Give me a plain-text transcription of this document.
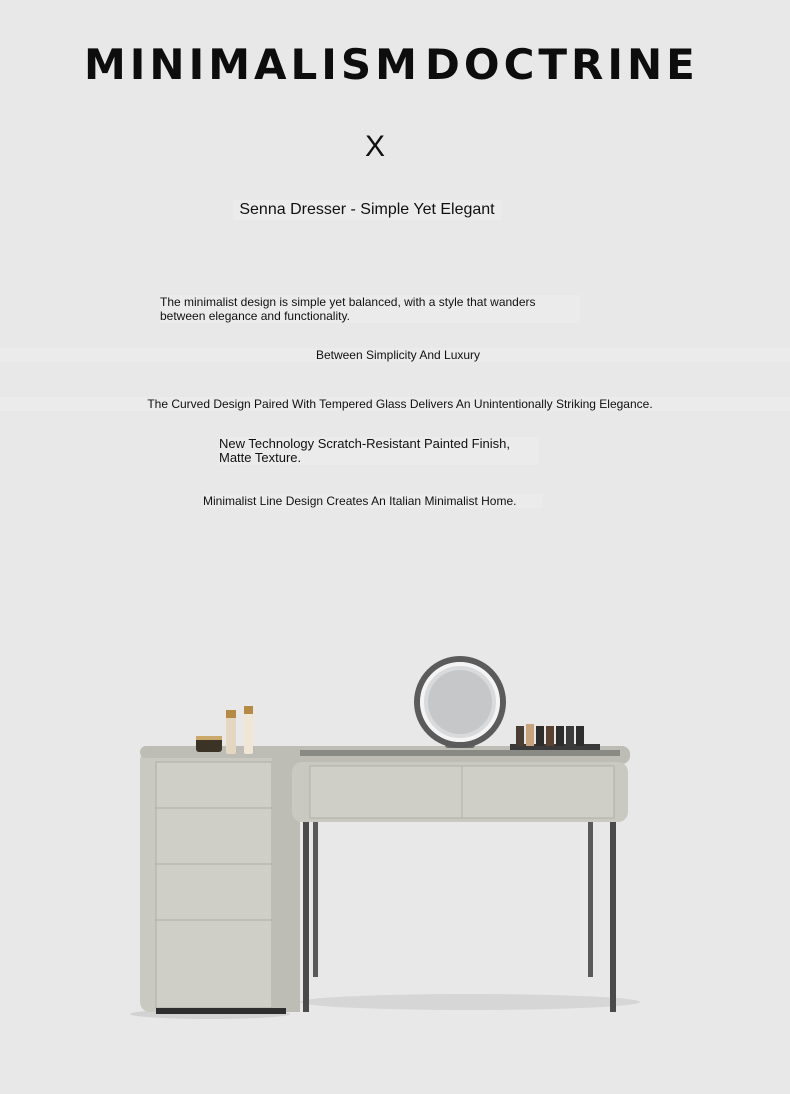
MINIMALISM DOCTRINE
X
Senna Dresser - Simple Yet Elegant
The minimalist design is simple yet balanced, with a style that wanders between elegance and functionality.
Between Simplicity And Luxury
The Curved Design Paired With Tempered Glass Delivers An Unintentionally Striking Elegance.
New Technology Scratch-Resistant Painted Finish, Matte Texture.
Minimalist Line Design Creates An Italian Minimalist Home.
